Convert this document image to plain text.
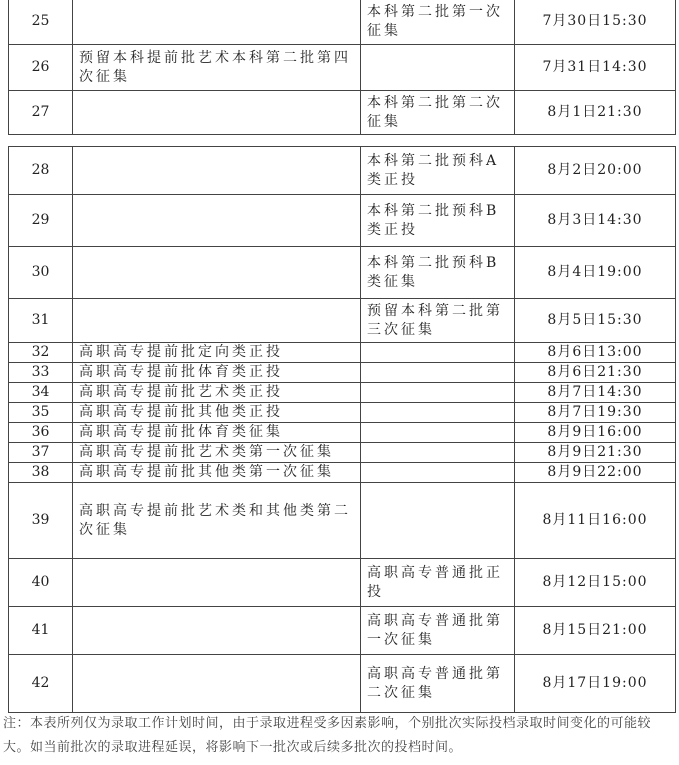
25		本科第二批第一次征集	7月30日15:30
26	预留本科提前批艺术本科第二批第四次征集		7月31日14:30
27		本科第二批第二次征集	8月1日21:30
28		本科第二批预科A类正投	8月2日20:00
29		本科第二批预科B类正投	8月3日14:30
30		本科第二批预科B类征集	8月4日19:00
31		预留本科第二批第三次征集	8月5日15:30
32	高职高专提前批定向类正投		8月6日13:00
33	高职高专提前批体育类正投		8月6日21:30
34	高职高专提前批艺术类正投		8月7日14:30
35	高职高专提前批其他类正投		8月7日19:30
36	高职高专提前批体育类征集		8月9日16:00
37	高职高专提前批艺术类第一次征集		8月9日21:30
38	高职高专提前批其他类第一次征集		8月9日22:00
39	高职高专提前批艺术类和其他类第二次征集		8月11日16:00
40		高职高专普通批正投	8月12日15:00
41		高职高专普通批第一次征集	8月15日21:00
42		高职高专普通批第二次征集	8月17日19:00
注：本表所列仅为录取工作计划时间，由于录取进程受多因素影响，个别批次实际投档录取时间变化的可能较大。如当前批次的录取进程延误，将影响下一批次或后续多批次的投档时间。
